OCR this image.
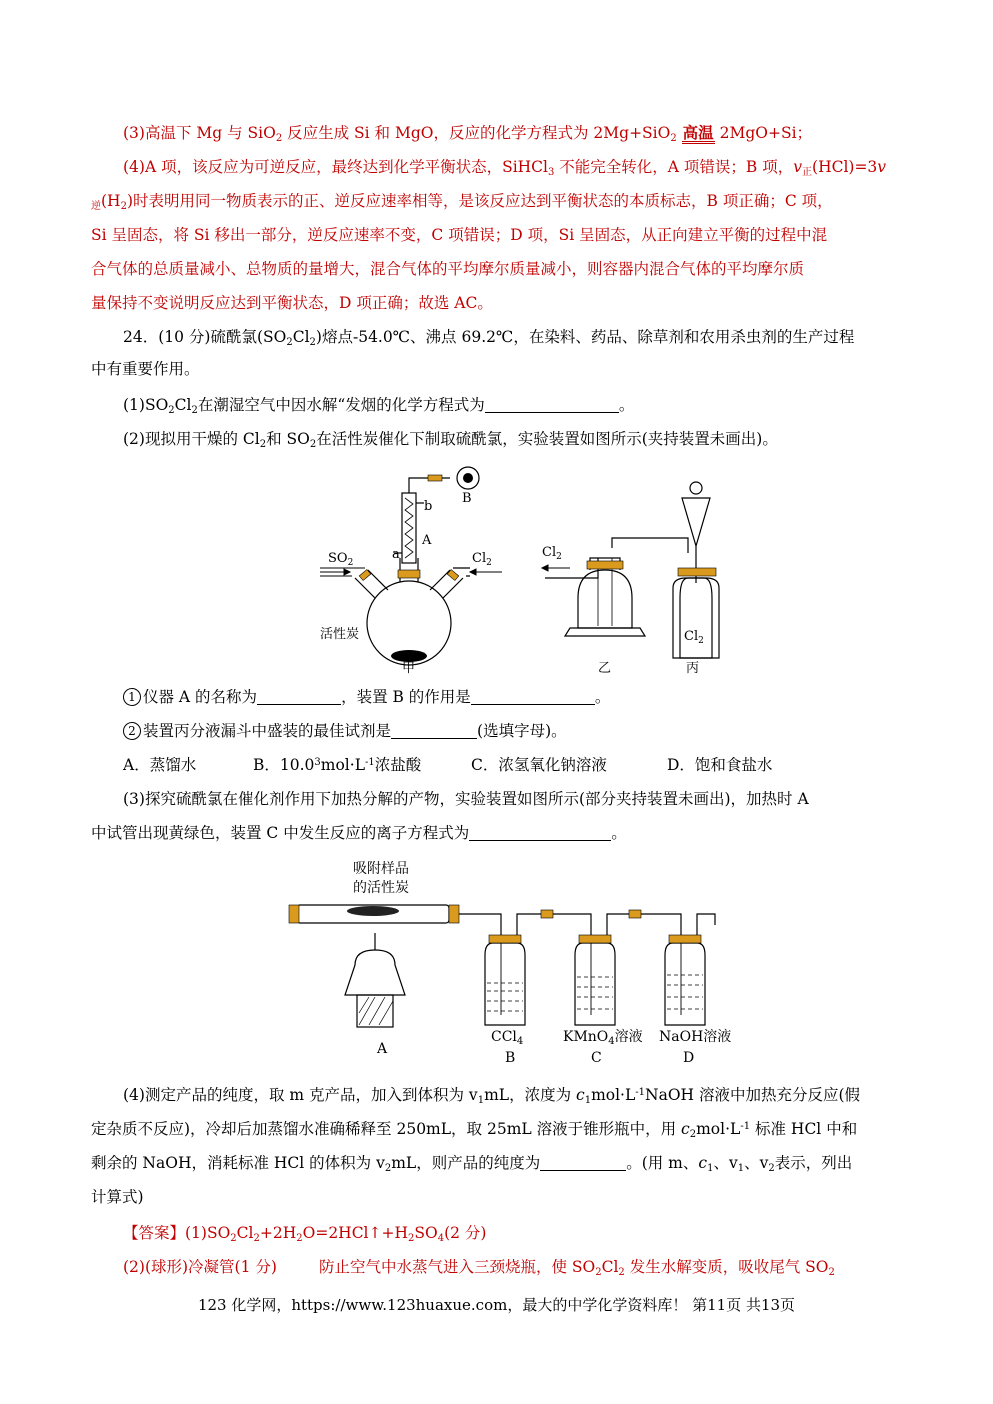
(3)高温下 Mg 与 SiO$_2$ 反应生成 Si 和 MgO，反应的化学方程式为 2Mg+SiO$_2$ 高温 2MgO+Si；
(4)A 项，该反应为可逆反应，最终达到化学平衡状态，SiHCl$_3$ 不能完全转化，A 项错误；B 项，$v_正(HCl)=3v$
$_逆(H_2)$时表明用同一物质表示的正、逆反应速率相等，是该反应达到平衡状态的本质标志，B 项正确；C 项，
Si 呈固态，将 Si 移出一部分，逆反应速率不变，C 项错误；D 项，Si 呈固态，从正向建立平衡的过程中混
合气体的总质量减小、总物质的量增大，混合气体的平均摩尔质量减小，则容器内混合气体的平均摩尔质
量保持不变说明反应达到平衡状态，D 项正确；故选 AC。
24．(10 分)硫酰氯$(SO_2Cl_2)$熔点-54.0℃、沸点 69.2℃，在染料、药品、除草剂和农用杀虫剂的生产过程
中有重要作用。
$(1)SO_2Cl_2$在潮湿空气中因水解“发烟的化学方程式为	。
(2)现拟用干燥的 $Cl_2$和 $SO_2$在活性炭催化下制取硫酰氯，实验装置如图所示(夹持装置未画出)。
$SO_2$	$Cl_2$
A
a
b
B
活性炭
甲
$Cl_2$
乙
$Cl_2$
丙
1 仪器 A 的名称为	，装置 B 的作用是	。
2 装置丙分液漏斗中盛装的最佳试剂是	(选填字母)。
A．蒸馏水	B．$10.0^3mol\cdot L^{-1}$浓盐酸	C．浓氢氧化钠溶液	D．饱和食盐水
(3)探究硫酰氯在催化剂作用下加热分解的产物，实验装置如图所示(部分夹持装置未画出)，加热时 A
中试管出现黄绿色，装置 C 中发生反应的离子方程式为	。
吸附样品
的活性炭
A
CCl$_4$
B
KMnO$_4$溶液
C
NaOH溶液
D
(4)测定产品的纯度，取 m 克产品，加入到体积为 $v_1mL$，浓度为 $c_1mol\cdot L^{-1}NaOH$ 溶液中加热充分反应(假
定杂质不反应)，冷却后加蒸馏水准确稀释至 250mL，取 25mL 溶液于锥形瓶中，用 $c_2mol\cdot L^{-1}$ 标准 HCl 中和
剩余的 NaOH，消耗标准 HCl 的体积为 $v_2mL$，则产品的纯度为	。(用 m、$c_1$、$v_1$、$v_2$表示，列出
计算式)
【答案】$(1)SO_2Cl_2+2H_2O=2HCl↑+H_2SO_4(2$ 分)
(2)(球形)冷凝管(1 分)	防止空气中水蒸气进入三颈烧瓶，使 $SO_2Cl_2$ 发生水解变质，吸收尾气 $SO_2$
123 化学网，https://www.123huaxue.com，最大的中学化学资料库！ 第11页 共13页
